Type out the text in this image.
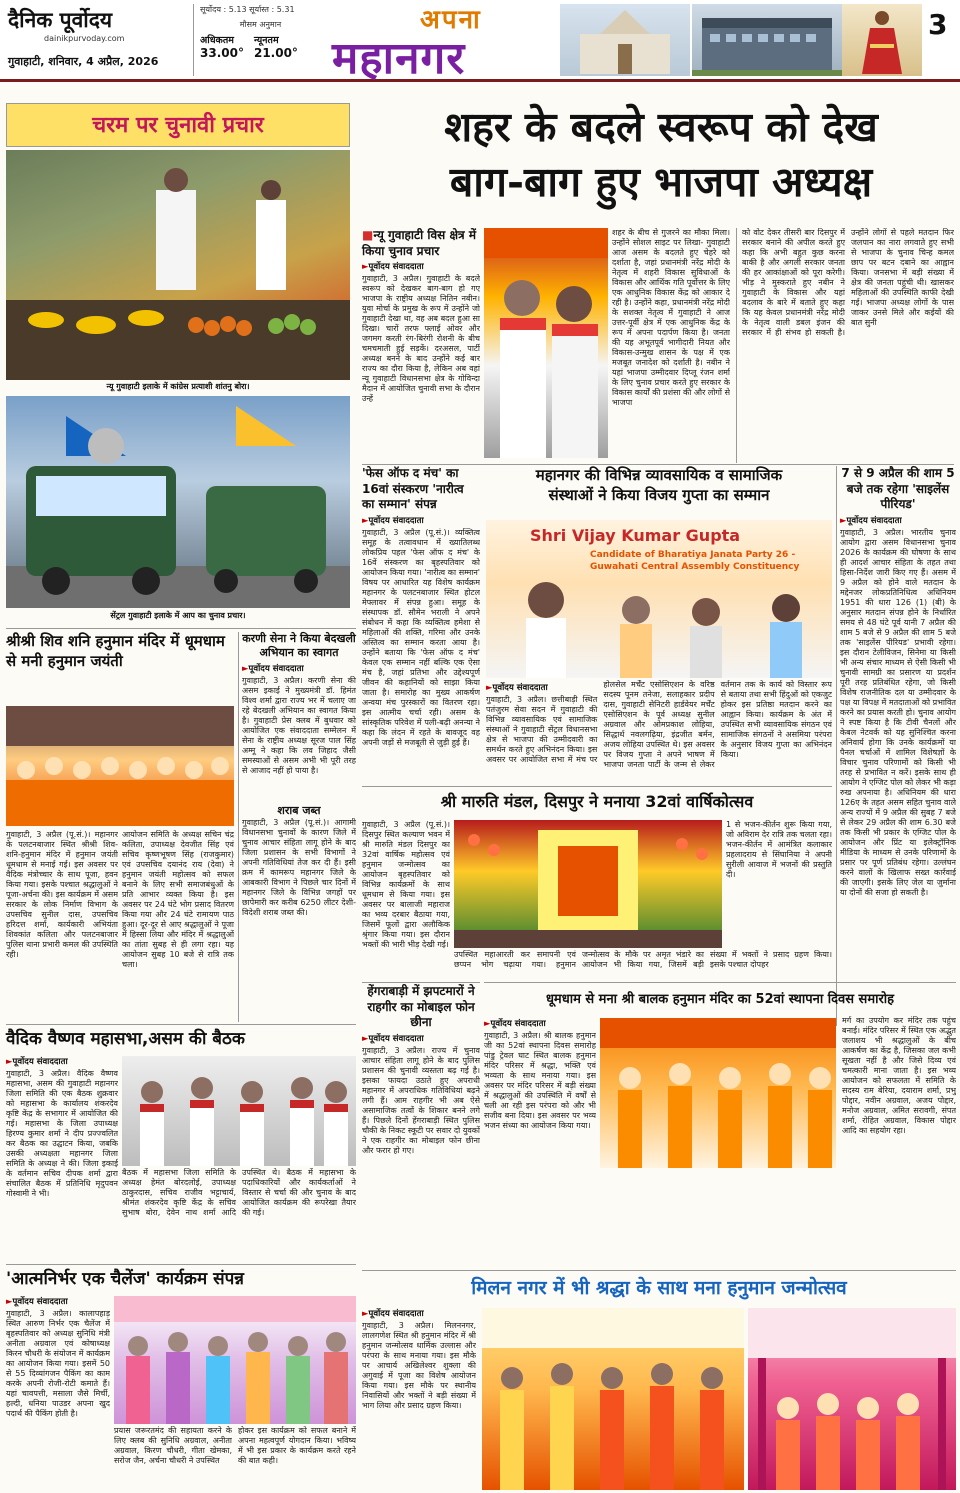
दैनिक पूर्वोदय
dainikpurvoday.com
गुवाहाटी, शनिवार, 4 अप्रैल, 2026
सूर्योदय : 5.13 सूर्यास्त : 5.31
मौसम अनुमान
अधिकतम
33.00°
न्यूनतम
21.00°
अपना
महानगर
3
शहर के बदले स्वरूप को देख
बाग-बाग हुए भाजपा अध्यक्ष
चरम पर चुनावी प्रचार
न्यू गुवाहाटी इलाके में कांग्रेस प्रत्याशी शांतनु बोरा।
सेंट्रल गुवाहाटी इलाके में आप का चुनाव प्रचार।
■ न्यू गुवाहाटी विस क्षेत्र में किया चुनाव प्रचार
► पूर्वोदय संवाददाता
गुवाहाटी, 3 अप्रैल। गुवाहाटी के बदले स्वरूप को देखकर बाग-बाग हो गए भाजपा के राष्ट्रीय अध्यक्ष नितिन नबीन। युवा मोर्चा के प्रमुख के रूप में उन्होंने जो गुवाहाटी देखा था, वह अब बदल हुआ सा दिखा। चारों तरफ फ्लाई ओवर और जगमग करती रंग-बिरंगी रोशनी के बीच चमचमाती हुई सड़कें। दरअसल, पार्टी अध्यक्ष बनने के बाद उन्होंने कई बार राज्य का दौरा किया है, लेकिन अब वहां न्यू गुवाहाटी विधानसभा क्षेत्र के गोविन्दा मैदान में आयोजित चुनावी सभा के दौरान उन्हें
शहर के बीच से गुजरने का मौका मिला। उन्होंने सोशल साइट पर लिखा- गुवाहाटी आज असम के बदलते हुए चेहरे को दर्शाता है, जहां प्रधानमंत्री नरेंद्र मोदी के नेतृत्व में शहरी विकास सुविधाओं के विकास और आर्थिक गति पूर्वोत्तर के लिए एक आधुनिक विकास केंद्र को आकार दे रही है। उन्होंने कहा, प्रधानमंत्री नरेंद्र मोदी के सशक्त नेतृत्व में गुवाहाटी ने आज उत्तर-पूर्वी क्षेत्र में एक आधुनिक केंद्र के रूप में अपना पदार्पण किया है। जनता की यह अभूतपूर्व भागीदारी नियत और विकास-उन्मुख शासन के पक्ष में एक मजबूत जनादेश को दर्शाती है। नबीन ने यहां भाजपा उम्मीदवार दिप्लू रंजन शर्मा के लिए चुनाव प्रचार करते हुए सरकार के विकास कार्यों की प्रशंसा की और लोगों से भाजपा
को वोट देकर तीसरी बार दिसपुर में सरकार बनाने की अपील करते हुए कहा कि अभी बहुत कुछ करना बाकी है और अगली सरकार जनता की हर आकांक्षाओं को पूरा करेगी। भीड़ ने मुस्कराते हुए नबीन ने गुवाहाटी के विकास और यहां बदलाव के बारे में बताते हुए कहा कि यह केवल प्रधानमंत्री नरेंद्र मोदी के नेतृत्व वाली डबल इंजन की सरकार में ही संभव हो सकती है। उन्होंने लोगों से पहले मतदान फिर जलपान का नारा लगवाते हुए सभी से भाजपा के चुनाव चिन्ह कमल छाप पर बटन दबाने का आह्वान किया। जनसभा में बड़ी संख्या में क्षेत्र की जनता पहुंची थी। खासकर महिलाओं की उपस्थिति काफी देखी गई। भाजपा अध्यक्ष लोगों के पास जाकर उनसे मिले और कईयों की बात सुनी
'फेस ऑफ द मंच' का 16वां संस्करण 'नारीत्व का सम्मान' संपन्न
► पूर्वोदय संवाददाता
गुवाहाटी, 3 अप्रैल (पू.सं.)। व्यक्तित्व समूह के तत्वावधान में ख्यातिलब्ध लोकप्रिय पहल 'फेस ऑफ द मंच' के 16वें संस्करण का बृहस्पतिवार को आयोजन किया गया। 'नारीत्व का सम्मान' विषय पर आधारित यह विशेष कार्यक्रम महानगर के पलटनबाजार स्थित होटल मेफ्लावर में संपन्न हुआ। समूह के संस्थापक डॉ. सौमेन भराली ने अपने संबोधन में कहा कि व्यक्तित्व हमेशा से महिलाओं की शक्ति, गरिमा और उनके अस्तित्व का सम्मान करता आया है। उन्होंने बताया कि 'फेस ऑफ द मंच' केवल एक सम्मान नहीं बल्कि एक ऐसा मंच है, जहां प्रतिभा और उद्देश्यपूर्ण जीवन की कहानियों को साझा किया जाता है। समारोह का मुख्य आकर्षण अन्वया मंच पुरस्कारों का वितरण रहा। इस आत्मीय चर्चा रही। असम के सांस्कृतिक परिवेश में पली-बढ़ी अनन्या ने कहा कि लंदन में रहते के बावजूद वह अपनी जड़ों से मजबूती से जुड़ी हुई हैं।
महानगर की विभिन्न व्यावसायिक व सामाजिक
संस्थाओं ने किया विजय गुप्ता का सम्मान
Shri Vijay Kumar Gupta
Candidate of Bharatiya Janata Party 26 - Guwahati Central Assembly Constituency
► पूर्वोदय संवाददाता
गुवाहाटी, 3 अप्रैल। छत्तीबाड़ी स्थित पतंजुरम सेवा सदन में गुवाहाटी की विभिन्न व्यावसायिक एवं सामाजिक संस्थाओं ने गुवाहाटी सेंट्रल विधानसभा क्षेत्र से भाजपा की उम्मीदवारी का समर्थन करते हुए अभिनंदन किया। इस अवसर पर आयोजित सभा में मंच पर होलसेल मर्चेंट एसोसिएशन के वरिष्ठ सदस्य पूनम तनेजा, सलाहकार प्रदीप दास, गुवाहाटी सेनिटरी हार्डवेयर मर्चेंट एसोसिएशन के पूर्व अध्यक्ष सुनील अग्रवाल और ओमप्रकाश लोहिया, सिद्धार्थ नवलगढ़िया, इंद्रजीत बर्मन, अजय लोहिया उपस्थित थे। इस अवसर पर विजय गुप्ता ने अपने भाषण में भाजपा जनता पार्टी के जन्म से लेकर वर्तमान तक के कार्य को विस्तार रूप से बताया तथा सभी हिंदुओं को एकजुट होकर इस प्रतिष्ठा मतदान करने का आह्वान किया। कार्यक्रम के अंत में उपस्थित सभी व्यावसायिक संगठन एवं सामाजिक संगठनों ने असमिया परंपरा के अनुसार विजय गुप्ता का अभिनंदन किया।
7 से 9 अप्रैल की शाम 5 बजे तक रहेगा 'साइलेंस पीरियड'
► पूर्वोदय संवाददाता
गुवाहाटी, 3 अप्रैल। भारतीय चुनाव आयोग द्वारा असम विधानसभा चुनाव 2026 के कार्यक्रम की घोषणा के साथ ही आदर्श आचार संहिता के तहत तथा हिसा-निर्देश जारी किए गए हैं। असम में 9 अप्रैल को होने वाले मतदान के मद्देनजर लोकप्रतिनिधित्व अधिनियम 1951 की धारा 126 (1) (बी) के अनुसार मतदान संपन्न होने के निर्धारित समय से 48 घंटे पूर्व यानी 7 अप्रैल की शाम 5 बजे से 9 अप्रैल की शाम 5 बजे तक 'साइलेंस पीरियड' प्रभावी रहेगा। इस दौरान टेलीविजन, सिनेमा या किसी भी अन्य संचार माध्यम से ऐसी किसी भी चुनावी सामग्री का प्रसारण या प्रदर्शन पूरी तरह प्रतिबंधित रहेगा, जो किसी विशेष राजनीतिक दल या उम्मीदवार के पक्ष या विपक्ष में मतदाताओं को प्रभावित करने का प्रयास करती हो। चुनाव आयोग ने स्पष्ट किया है कि टीवी चैनलों और केबल नेटवर्क को यह सुनिश्चित करना अनिवार्य होगा कि उनके कार्यक्रमों या पैनल चर्चाओं में शामिल विशेषज्ञों के विचार चुनाव परिणामों को किसी भी तरह से प्रभावित न करें। इसके साथ ही आयोग ने एग्जिट पोल को लेकर भी कड़ा रुख अपनाया है। अधिनियम की धारा 126ए के तहत असम सहित चुनाव वाले अन्य राज्यों में 9 अप्रैल की सुबह 7 बजे से लेकर 29 अप्रैल की शाम 6.30 बजे तक किसी भी प्रकार के एग्जिट पोल के आयोजन और प्रिंट या इलेक्ट्रॉनिक मीडिया के माध्यम से उनके परिणामों के प्रसार पर पूर्ण प्रतिबंध रहेगा। उल्लंघन करने वालों के खिलाफ सख्त कार्रवाई की जाएगी। इसके लिए जेल या जुर्माना या दोनों की सजा हो सकती है।
श्रीश्री शिव शनि हनुमान मंदिर में धूमधाम से मनी हनुमान जयंती
गुवाहाटी, 3 अप्रैल (पू.सं.)। महानगर के पलटनबाजार स्थित श्रीश्री शिव-शनि-हनुमान मंदिर में हनुमान जयंती धूमधाम से मनाई गई। इस अवसर पर वैदिक मंत्रोच्चार के साथ पूजा, हवन किया गया। इसके पश्चात श्रद्धालुओं ने पूजा-अर्चना की। इस कार्यक्रम में असम सरकार के लोक निर्माण विभाग के उपसचिव सुनील दास, उपसचिव हरिदत्त शर्मा, कार्यकारी अभियंता शिवकांत कलिता और पलटनबाजार पुलिस थाना प्रभारी कमल की उपस्थिति रही।
आयोजन समिति के अध्यक्ष सचिन चंद्र कलिता, उपाध्यक्ष देवजीत सिंह एवं सचिव कृष्णभूषण सिंह (राजकुमार) एवं उपसचिव दयानंद राय (देवा) ने हनुमान जयंती महोत्सव को सफल बनाने के लिए सभी समाजबंधुओं के प्रति आभार व्यक्त किया है। इस अवसर पर 24 घंटे भोग प्रसाद वितरण किया गया और 24 घंटे रामायण पाठ हुआ। दूर-दूर से आए श्रद्धालुओं ने पूजा में हिस्सा लिया और मंदिर में श्रद्धालुओं का तांता सुबह से ही लगा रहा। यह आयोजन सुबह 10 बजे से रात्रि तक चला।
करणी सेना ने किया बेदखली अभियान का स्वागत
► पूर्वोदय संवाददाता
गुवाहाटी, 3 अप्रैल। करणी सेना की असम इकाई ने मुख्यमंत्री डॉ. हिमंत विश्व शर्मा द्वारा राज्य भर में चलाए जा रहे बेदखली अभियान का स्वागत किया है। गुवाहाटी प्रेस क्लब में बुधवार को आयोजित एक संवाददाता सम्मेलन में सेना के राष्ट्रीय अध्यक्ष सूरज पाल सिंह अम्मू ने कहा कि लव जिहाद जैसी समस्याओं से असम अभी भी पूरी तरह से आजाद नहीं हो पाया है।
शराब जब्त
गुवाहाटी, 3 अप्रैल (पू.सं.)। आगामी विधानसभा चुनावों के कारण जिले में चुनाव आचार संहिता लागू होने के बाद जिला प्रशासन के सभी विभागों ने अपनी गतिविधियां तेज कर दी हैं। इसी क्रम में कामरूप महानगर जिले के आबकारी विभाग ने पिछले चार दिनों में महानगर जिले के विभिन्न जगहों पर छापेमारी कर करीब 6250 लीटर देशी-विदेशी शराब जब्त की।
श्री मारुति मंडल, दिसपुर ने मनाया 32वां वार्षिकोत्सव
गुवाहाटी, 3 अप्रैल (पू.सं.)। दिसपुर स्थित कल्याण भवन में श्री मारुति मंडल दिसपुर का 32वां वार्षिक महोत्सव एवं हनुमान जन्मोत्सव का आयोजन बृहस्पतिवार को विभिन्न कार्यक्रमों के साथ धूमधाम से किया गया। इस अवसर पर बालाजी महाराज का भव्य दरबार बैठाया गया, जिसमें फूलों द्वारा अलौकिक श्रृंगार किया गया। इस दौरान भक्तों की भारी भीड़ देखी गई।
1 से भजन-कीर्तन शुरू किया गया, जो अविराम देर रात्रि तक चलता रहा। भजन-कीर्तन में आमंत्रित कलाकार प्रहलादराय से सिंघानिया ने अपनी सुरीली आवाज में भजनों की प्रस्तुति दी।
उपस्थित महाआरती कर समापनी एवं छप्पन भोग चढ़ाया गया। हनुमान जन्मोत्सव के मौके पर अमृत भंडारे का आयोजन भी किया गया, जिसमें बड़ी संख्या में भक्तों ने प्रसाद ग्रहण किया। इसके पश्चात दोपहर
हेंगराबाड़ी में झपटमारों ने राहगीर का मोबाइल फोन छीना
► पूर्वोदय संवाददाता
गुवाहाटी, 3 अप्रैल। राज्य में चुनाव आचार संहिता लागू होने के बाद पुलिस प्रशासन की चुनावी व्यस्तता बढ़ गई है। इसका फायदा उठाते हुए अपराधी महानगर में अपराधिक गतिविधियां बढ़ने लगी हैं। आम राहगीर भी अब ऐसे असामाजिक तत्वों के शिकार बनने लगे हैं। पिछले दिनों हेंगराबाड़ी स्थित पुलिस चौकी के निकट स्कूटी पर सवार दो युवकों ने एक राहगीर का मोबाइल फोन छीना और फरार हो गए।
धूमधाम से मना श्री बालक हनुमान मंदिर का 52वां स्थापना दिवस समारोह
► पूर्वोदय संवाददाता
गुवाहाटी, 3 अप्रैल। श्री बालक हनुमान जी का 52वां स्थापना दिवस समारोह पांडु ट्रेवल घाट स्थित बालक हनुमान मंदिर परिसर में श्रद्धा, भक्ति एवं भव्यता के साथ मनाया गया। इस अवसर पर मंदिर परिसर में बड़ी संख्या में श्रद्धालुओं की उपस्थिति में वर्षों से चली आ रही इस परंपरा को और भी सजीव बना दिया। इस अवसर पर भव्य भजन संध्या का आयोजन किया गया।
मर्ग का उपयोग कर मंदिर तक पहुंच बनाई। मंदिर परिसर में स्थित एक अद्भुत जलाशय भी श्रद्धालुओं के बीच आकर्षण का केंद्र है, जिसका जल कभी सूखता नहीं है और जिसे दिव्य एवं चमत्कारी माना जाता है। इस भव्य आयोजन को सफलता में समिति के सदस्य राम बेरिया, दयाराम शर्मा, प्रभु पोद्दार, नवीन अग्रवाल, अजय पोद्दार, मनोज अग्रवाल, अमित सरावगी, संपत शर्मा, रोहित अग्रवाल, विकास पोद्दार आदि का सहयोग रहा।
वैदिक वैष्णव महासभा,असम की बैठक
► पूर्वोदय संवाददाता
गुवाहाटी, 3 अप्रैल। वैदिक वैष्णव महासभा, असम की गुवाहाटी महानगर जिला समिति की एक बैठक शुक्रवार को महासभा के कार्यालय शंकरदेव कृष्टि केंद्र के सभागार में आयोजित की गई। महासभा के जिला उपाध्यक्ष हिरण्य कुमार शर्मा ने दीप प्रज्ज्वलित कर बैठक का उद्घाटन किया, जबकि उसकी अध्यक्षता महानगर जिला समिति के अध्यक्ष ने की। जिला इकाई के वर्तमान सचिव दीपक शर्मा द्वारा संचालित बैठक में प्रतिनिधि मृदुपवन गोस्वामी ने भी।
बैठक में महासभा जिला समिति के अध्यक्ष हेमंत बोरदलोई, उपाध्यक्ष ठाकुरदास, सचिव राजीव भट्टाचार्य, श्रीमंत शंकरदेव कृष्टि केंद्र के सचिव सुभाष बोरा, देवेन नाथ शर्मा आदि उपस्थित थे। बैठक में महासभा के पदाधिकारियों और कार्यकर्ताओं ने विस्तार से चर्चा की और चुनाव के बाद आयोजित कार्यक्रम की रूपरेखा तैयार की गई।
'आत्मनिर्भर एक चैलेंज' कार्यक्रम संपन्न
► पूर्वोदय संवाददाता
गुवाहाटी, 3 अप्रैल। कालापहाड़ स्थित आरुण निर्भर एक चैलेंज में बृहस्पतिवार को अध्यक्ष सुनिधि मंत्री अनीता अग्रवाल एवं कोषाध्यक्ष किरन चौधरी के संयोजन में कार्यक्रम का आयोजन किया गया। इसमें 50 से 55 दिव्यांगजन पैकिंग का काम करके अपनी रोजी-रोटी कमाते हैं। यहां चावपत्ती, मसाला जैसे मिर्ची, हल्दी, धनिया पाउडर अपना खुद पदार्थ की पैकिंग होती है।
प्रयास जरूरतमंद की सहायता करने के लिए क्लब की सुनिधि अग्रवाल, अनीता अग्रवाल, किरण चौधरी, गीता खेमका, सरोज जैन, अर्चना चौधरी ने उपस्थित
होकर इस कार्यक्रम को सफल बनाने में अपना महत्वपूर्ण योगदान किया। भविष्य में भी इस प्रकार के कार्यक्रम करते रहने की बात कही।
मिलन नगर में भी श्रद्धा के साथ मना हनुमान जन्मोत्सव
► पूर्वोदय संवाददाता
गुवाहाटी, 3 अप्रैल। मिलननगर, लालगणेश स्थित श्री हनुमान मंदिर में श्री हनुमान जन्मोत्सव धार्मिक उल्लास और परंपरा के साथ मनाया गया। इस मौके पर आचार्य अखिलेश्वर शुक्ला की अगुवाई में पूजा का विशेष आयोजन किया गया। इस मौके पर स्थानीय निवासियों और भक्तों ने बड़ी संख्या में भाग लिया और प्रसाद ग्रहण किया।
